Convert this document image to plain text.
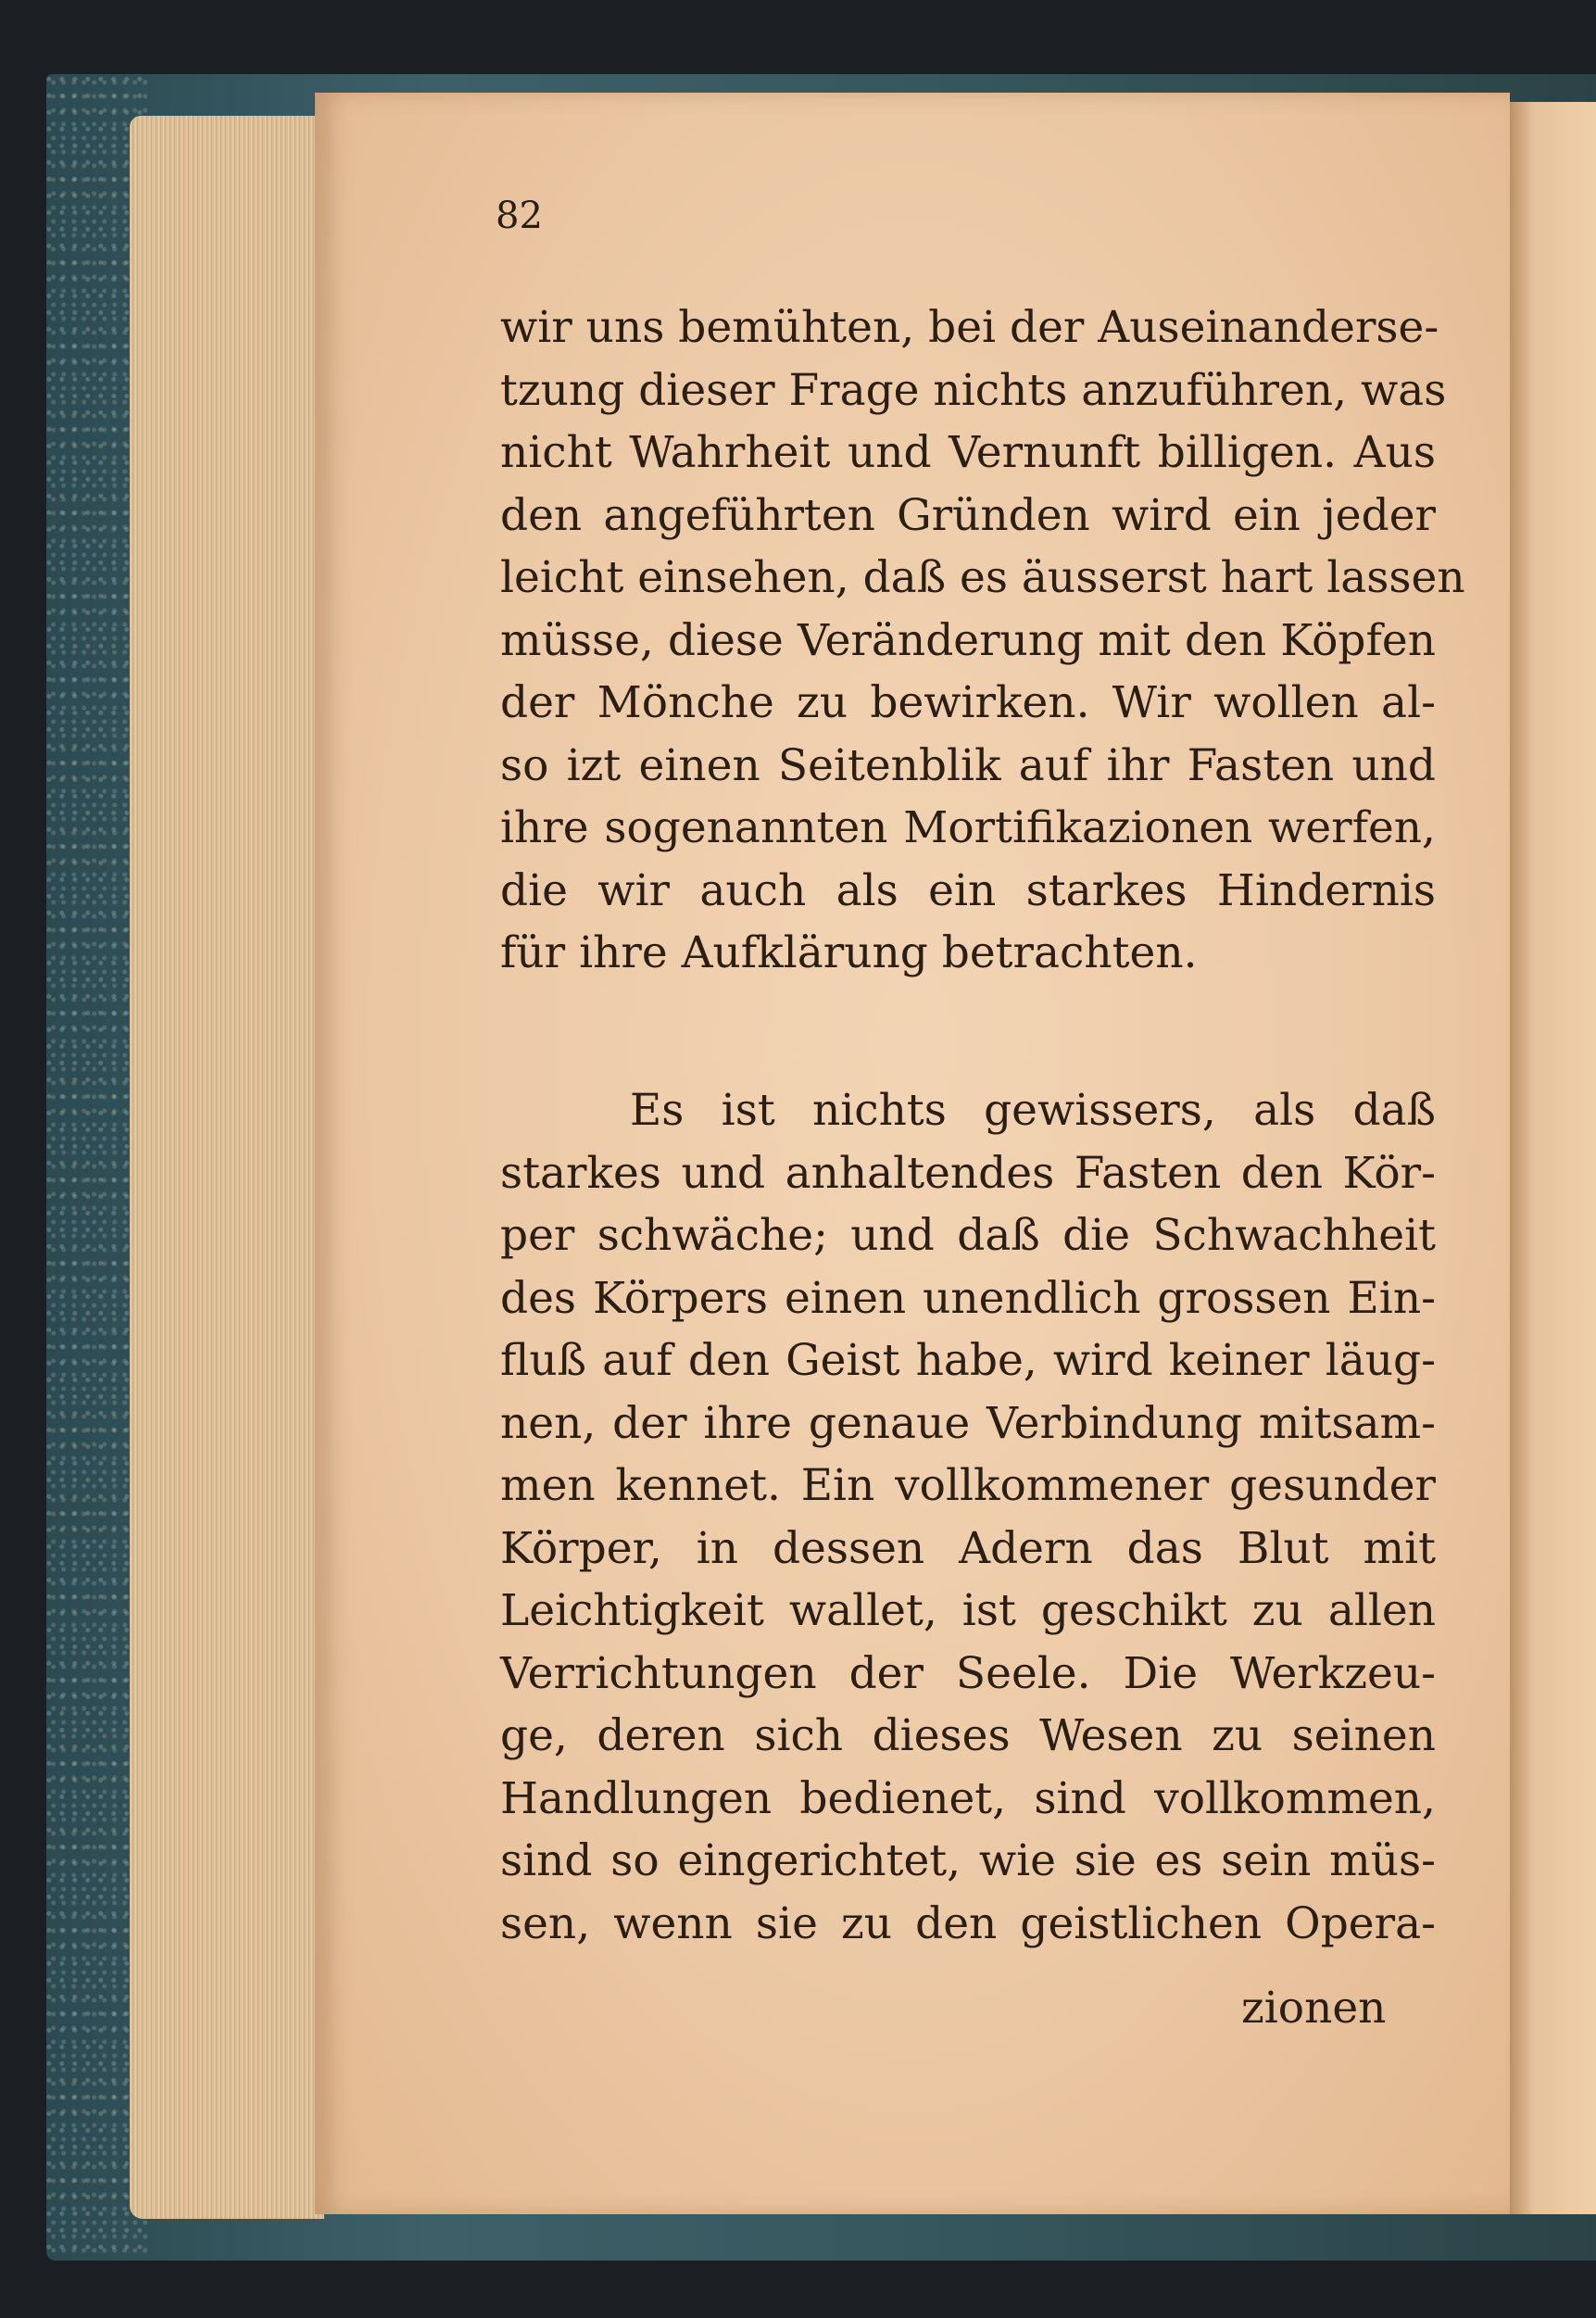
82

wir uns bemühten, bei der Auseinanderse-
tzung dieser Frage nichts anzuführen, was
nicht Wahrheit und Vernunft billigen. Aus
den angeführten Gründen wird ein jeder
leicht einsehen, daß es äusserst hart lassen
müsse, diese Veränderung mit den Köpfen
der Mönche zu bewirken. Wir wollen al-
so izt einen Seitenblik auf ihr Fasten und
ihre sogenannten Mortifikazionen werfen,
die wir auch als ein starkes Hindernis
für ihre Aufklärung betrachten.
Es ist nichts gewissers, als daß
starkes und anhaltendes Fasten den Kör-
per schwäche; und daß die Schwachheit
des Körpers einen unendlich grossen Ein-
fluß auf den Geist habe, wird keiner läug-
nen, der ihre genaue Verbindung mitsam-
men kennet. Ein vollkommener gesunder
Körper, in dessen Adern das Blut mit
Leichtigkeit wallet, ist geschikt zu allen
Verrichtungen der Seele. Die Werkzeu-
ge, deren sich dieses Wesen zu seinen
Handlungen bedienet, sind vollkommen,
sind so eingerichtet, wie sie es sein müs-
sen, wenn sie zu den geistlichen Opera-

zionen
